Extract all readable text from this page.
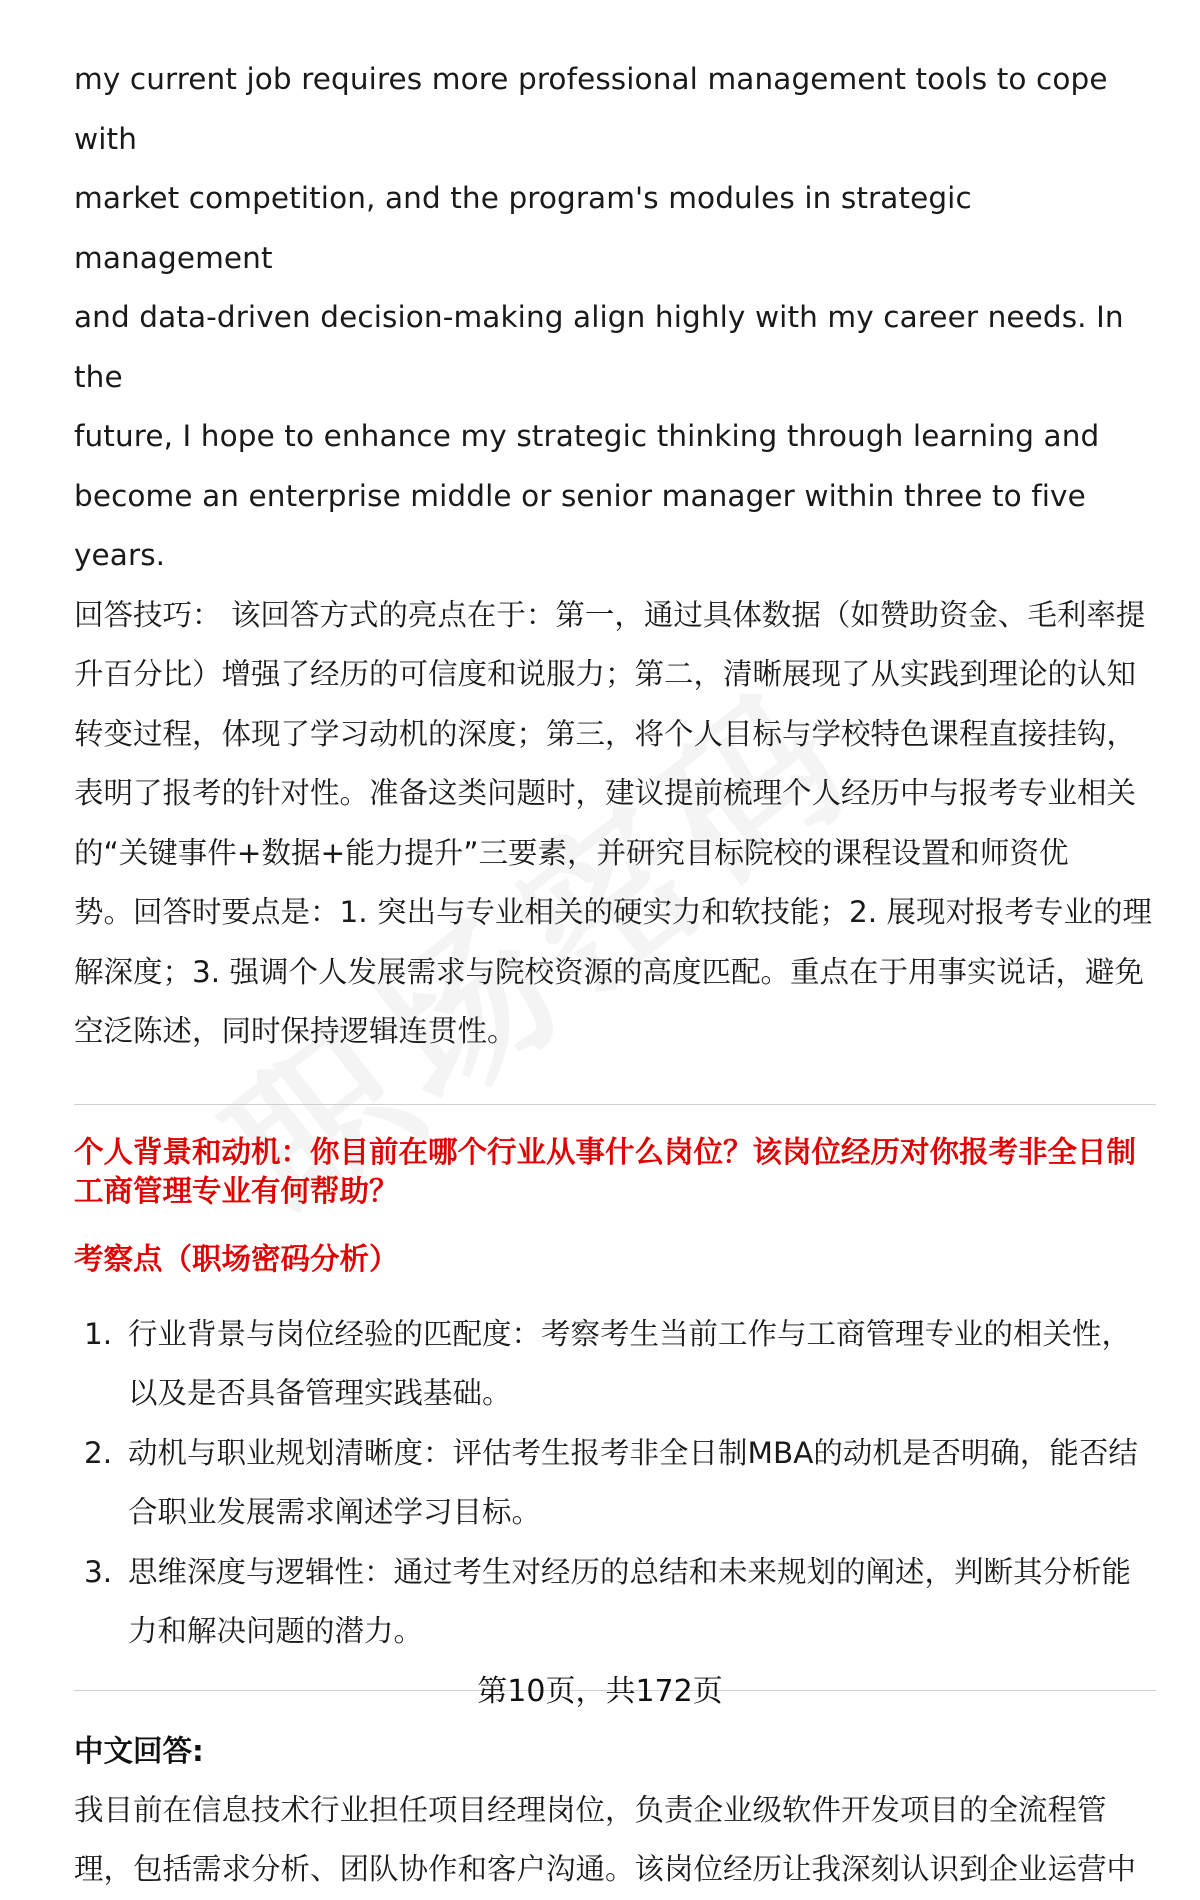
my current job requires more professional management tools to cope with

market competition, and the program's modules in strategic management

and data-driven decision-making align highly with my career needs. In the

future, I hope to enhance my strategic thinking through learning and

become an enterprise middle or senior manager within three to five years.

回答技巧： 该回答方式的亮点在于：第一，通过具体数据（如赞助资金、毛利率提

升百分比）增强了经历的可信度和说服力；第二，清晰展现了从实践到理论的认知

转变过程，体现了学习动机的深度；第三，将个人目标与学校特色课程直接挂钩，

表明了报考的针对性。准备这类问题时，建议提前梳理个人经历中与报考专业相关

的“关键事件+数据+能力提升”三要素，并研究目标院校的课程设置和师资优

势。回答时要点是：1. 突出与专业相关的硬实力和软技能；2. 展现对报考专业的理

解深度；3. 强调个人发展需求与院校资源的高度匹配。重点在于用事实说话，避免

空泛陈述，同时保持逻辑连贯性。

个人背景和动机：你目前在哪个行业从事什么岗位？该岗位经历对你报考非全日制

工商管理专业有何帮助？

考察点（职场密码分析）

1. 行业背景与岗位经验的匹配度：考察考生当前工作与工商管理专业的相关性，
以及是否具备管理实践基础。
2. 动机与职业规划清晰度：评估考生报考非全日制MBA的动机是否明确，能否结
合职业发展需求阐述学习目标。
3. 思维深度与逻辑性：通过考生对经历的总结和未来规划的阐述，判断其分析能
力和解决问题的潜力。

中文回答:

我目前在信息技术行业担任项目经理岗位，负责企业级软件开发项目的全流程管

理，包括需求分析、团队协作和客户沟通。该岗位经历让我深刻认识到企业运营中

第10页，共172页
